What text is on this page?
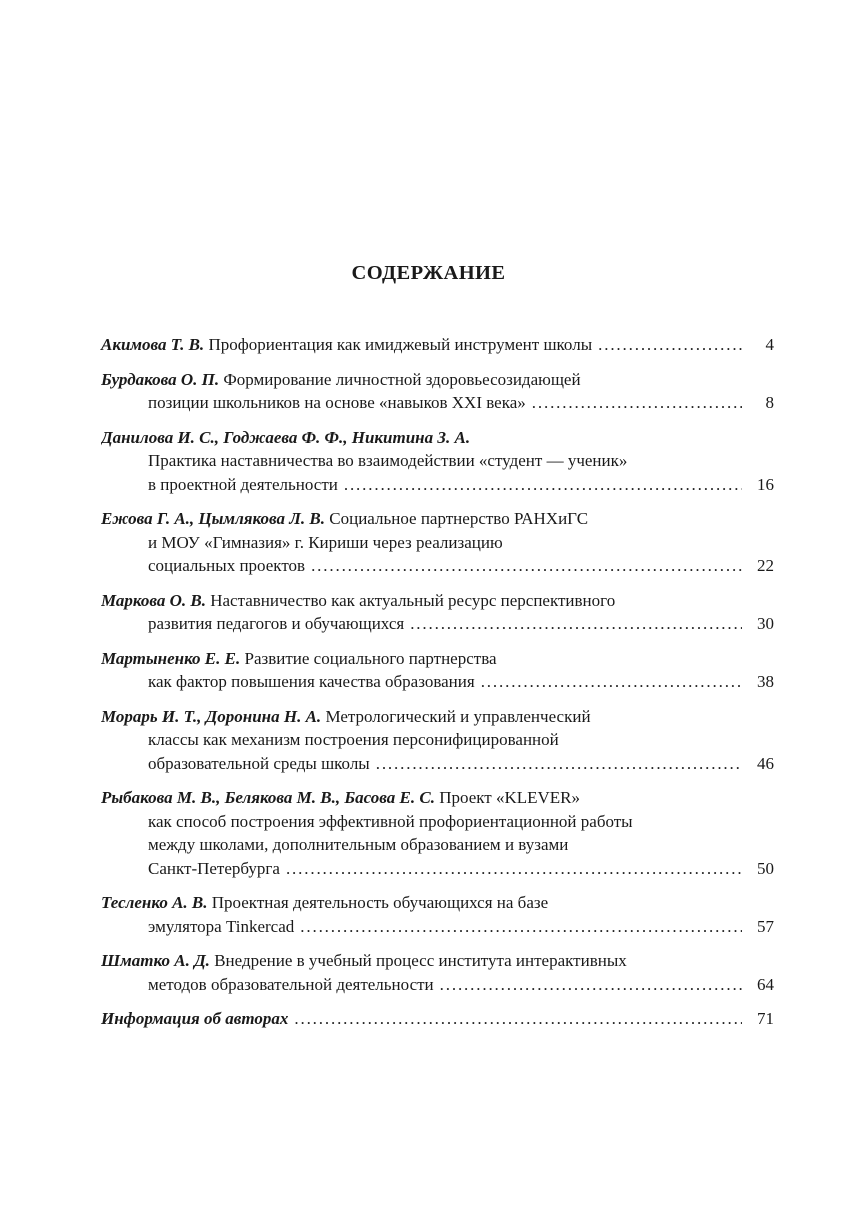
СОДЕРЖАНИЕ
Акимова Т. В. Профориентация как имиджевый инструмент школы . . .	4
Бурдакова О. П. Формирование личностной здоровьесозидающей
позиции школьников на основе «навыков XXI века» . . .	8
Данилова И. С., Годжаева Ф. Ф., Никитина З. А.
Практика наставничества во взаимодействии «студент — ученик»
в проектной деятельности . . .	16
Ежова Г. А., Цымлякова Л. В. Социальное партнерство РАНХиГС
и МОУ «Гимназия» г. Кириши через реализацию
социальных проектов . . .	22
Маркова О. В. Наставничество как актуальный ресурс перспективного
развития педагогов и обучающихся . . .	30
Мартыненко Е. Е. Развитие социального партнерства
как фактор повышения качества образования . . .	38
Морарь И. Т., Доронина Н. А. Метрологический и управленческий
классы как механизм построения персонифицированной
образовательной среды школы . . .	46
Рыбакова М. В., Белякова М. В., Басова Е. С. Проект «KLEVER»
как способ построения эффективной профориентационной работы
между школами, дополнительным образованием и вузами
Санкт-Петербурга . . .	50
Тесленко А. В. Проектная деятельность обучающихся на базе
эмулятора Tinkercad . . .	57
Шматко А. Д. Внедрение в учебный процесс института интерактивных
методов образовательной деятельности . . .	64
Информация об авторах . . .	71
